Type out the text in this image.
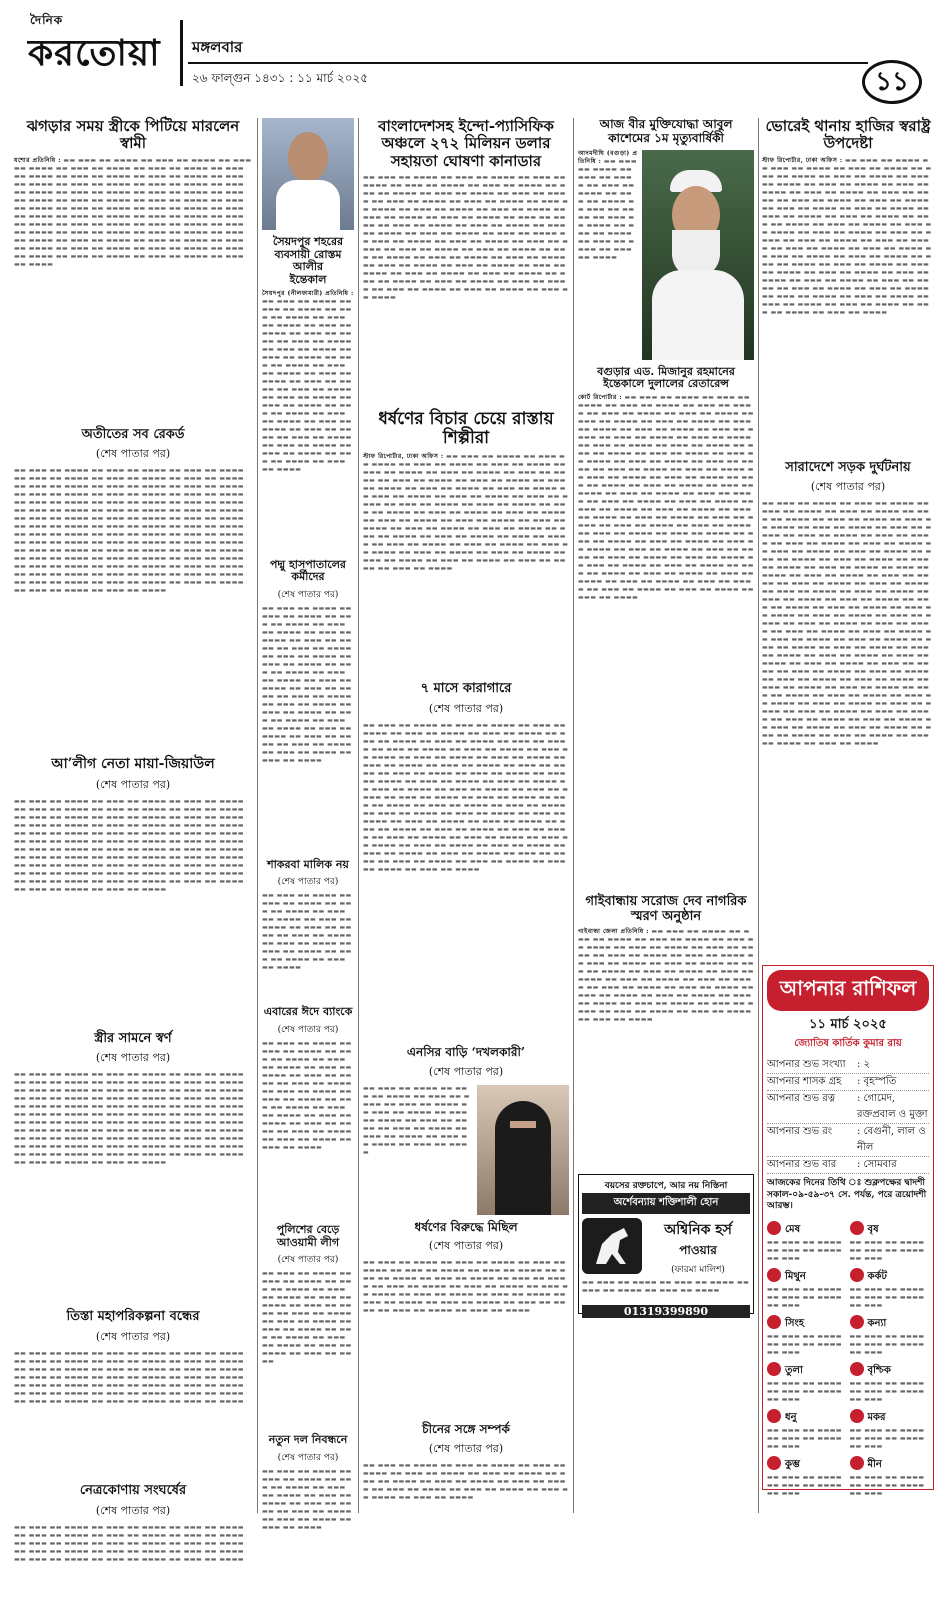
দৈনিক
করতোয়া মঙ্গলবার
২৬ ফাল্গুন ১৪৩১ : ১১ মার্চ ২০২৫	১১
ঝগড়ার সময় স্ত্রীকে পিটিয়ে মারলেন স্বামী
যশোর প্রতিনিধি : ▬▬ ▬▬▬ ▬▬ ▬▬▬▬ ▬▬ ▬▬▬ ▬▬ ▬▬▬▬ ▬▬ ▬▬▬ ▬▬ ▬▬▬▬ ▬▬ ▬▬▬ ▬▬ ▬▬▬▬ ▬▬ ▬▬▬ ▬▬ ▬▬▬▬ ▬▬ ▬▬▬ ▬▬ ▬▬▬▬ ▬▬ ▬▬▬ ▬▬ ▬▬▬▬ ▬▬ ▬▬▬ ▬▬ ▬▬▬▬ ▬▬ ▬▬▬ ▬▬ ▬▬▬▬ ▬▬ ▬▬▬ ▬▬ ▬▬▬▬ ▬▬ ▬▬▬ ▬▬ ▬▬▬▬ ▬▬ ▬▬▬ ▬▬ ▬▬▬▬ ▬▬ ▬▬▬ ▬▬ ▬▬▬▬ ▬▬ ▬▬▬ ▬▬ ▬▬▬▬ ▬▬ ▬▬▬ ▬▬ ▬▬▬▬ ▬▬ ▬▬▬ ▬▬ ▬▬▬▬ ▬▬ ▬▬▬ ▬▬ ▬▬▬▬ ▬▬ ▬▬▬ ▬▬ ▬▬▬▬ ▬▬ ▬▬▬ ▬▬ ▬▬▬▬ ▬▬ ▬▬▬ ▬▬ ▬▬▬▬ ▬▬ ▬▬▬ ▬▬ ▬▬▬▬ ▬▬ ▬▬▬ ▬▬ ▬▬▬▬ ▬▬ ▬▬▬ ▬▬ ▬▬▬▬ ▬▬ ▬▬▬ ▬▬ ▬▬▬▬ ▬▬ ▬▬▬ ▬▬ ▬▬▬▬ ▬▬ ▬▬▬ ▬▬ ▬▬▬▬ ▬▬ ▬▬▬ ▬▬ ▬▬▬▬ ▬▬ ▬▬▬ ▬▬ ▬▬▬▬ ▬▬ ▬▬▬ ▬▬ ▬▬▬▬ ▬▬ ▬▬▬ ▬▬ ▬▬▬▬ ▬▬ ▬▬▬ ▬▬ ▬▬▬▬ ▬▬ ▬▬▬ ▬▬ ▬▬▬▬ ▬▬ ▬▬▬ ▬▬ ▬▬▬▬ ▬▬ ▬▬▬ ▬▬ ▬▬▬▬ ▬▬ ▬▬▬ ▬▬ ▬▬▬▬ ▬▬ ▬▬▬ ▬▬ ▬▬▬▬ ▬▬ ▬▬▬ ▬▬ ▬▬▬▬ ▬▬ ▬▬▬ ▬▬ ▬▬▬▬ ▬▬ ▬▬▬ ▬▬ ▬▬▬▬
অতীতের সব রেকর্ড
(শেষ পাতার পর)
▬▬ ▬▬▬ ▬▬ ▬▬▬▬ ▬▬ ▬▬▬ ▬▬ ▬▬▬▬ ▬▬ ▬▬▬ ▬▬ ▬▬▬▬ ▬▬ ▬▬▬ ▬▬ ▬▬▬▬ ▬▬ ▬▬▬ ▬▬ ▬▬▬▬ ▬▬ ▬▬▬ ▬▬ ▬▬▬▬ ▬▬ ▬▬▬ ▬▬ ▬▬▬▬ ▬▬ ▬▬▬ ▬▬ ▬▬▬▬ ▬▬ ▬▬▬ ▬▬ ▬▬▬▬ ▬▬ ▬▬▬ ▬▬ ▬▬▬▬ ▬▬ ▬▬▬ ▬▬ ▬▬▬▬ ▬▬ ▬▬▬ ▬▬ ▬▬▬▬ ▬▬ ▬▬▬ ▬▬ ▬▬▬▬ ▬▬ ▬▬▬ ▬▬ ▬▬▬▬ ▬▬ ▬▬▬ ▬▬ ▬▬▬▬ ▬▬ ▬▬▬ ▬▬ ▬▬▬▬ ▬▬ ▬▬▬ ▬▬ ▬▬▬▬ ▬▬ ▬▬▬ ▬▬ ▬▬▬▬ ▬▬ ▬▬▬ ▬▬ ▬▬▬▬ ▬▬ ▬▬▬ ▬▬ ▬▬▬▬ ▬▬ ▬▬▬ ▬▬ ▬▬▬▬ ▬▬ ▬▬▬ ▬▬ ▬▬▬▬ ▬▬ ▬▬▬ ▬▬ ▬▬▬▬ ▬▬ ▬▬▬ ▬▬ ▬▬▬▬ ▬▬ ▬▬▬ ▬▬ ▬▬▬▬ ▬▬ ▬▬▬ ▬▬ ▬▬▬▬ ▬▬ ▬▬▬ ▬▬ ▬▬▬▬ ▬▬ ▬▬▬ ▬▬ ▬▬▬▬ ▬▬ ▬▬▬ ▬▬ ▬▬▬▬ ▬▬ ▬▬▬ ▬▬ ▬▬▬▬ ▬▬ ▬▬▬ ▬▬ ▬▬▬▬ ▬▬ ▬▬▬ ▬▬ ▬▬▬▬ ▬▬ ▬▬▬ ▬▬ ▬▬▬▬ ▬▬ ▬▬▬ ▬▬ ▬▬▬▬ ▬▬ ▬▬▬ ▬▬ ▬▬▬▬ ▬▬ ▬▬▬ ▬▬ ▬▬▬▬ ▬▬ ▬▬▬ ▬▬ ▬▬▬▬ ▬▬ ▬▬▬ ▬▬ ▬▬▬▬ ▬▬ ▬▬▬ ▬▬ ▬▬▬▬ ▬▬ ▬▬▬ ▬▬ ▬▬▬▬ ▬▬ ▬▬▬ ▬▬ ▬▬▬▬ ▬▬ ▬▬▬ ▬▬ ▬▬▬▬ ▬▬ ▬▬▬ ▬▬ ▬▬▬▬ ▬▬ ▬▬▬ ▬▬ ▬▬▬▬ ▬▬ ▬▬▬ ▬▬ ▬▬▬▬ ▬▬ ▬▬▬ ▬▬ ▬▬▬▬ ▬▬ ▬▬▬ ▬▬ ▬▬▬▬
আ’লীগ নেতা মায়া-জিয়াউল
(শেষ পাতার পর)
▬▬ ▬▬▬ ▬▬ ▬▬▬▬ ▬▬ ▬▬▬ ▬▬ ▬▬▬▬ ▬▬ ▬▬▬ ▬▬ ▬▬▬▬ ▬▬ ▬▬▬ ▬▬ ▬▬▬▬ ▬▬ ▬▬▬ ▬▬ ▬▬▬▬ ▬▬ ▬▬▬ ▬▬ ▬▬▬▬ ▬▬ ▬▬▬ ▬▬ ▬▬▬▬ ▬▬ ▬▬▬ ▬▬ ▬▬▬▬ ▬▬ ▬▬▬ ▬▬ ▬▬▬▬ ▬▬ ▬▬▬ ▬▬ ▬▬▬▬ ▬▬ ▬▬▬ ▬▬ ▬▬▬▬ ▬▬ ▬▬▬ ▬▬ ▬▬▬▬ ▬▬ ▬▬▬ ▬▬ ▬▬▬▬ ▬▬ ▬▬▬ ▬▬ ▬▬▬▬ ▬▬ ▬▬▬ ▬▬ ▬▬▬▬ ▬▬ ▬▬▬ ▬▬ ▬▬▬▬ ▬▬ ▬▬▬ ▬▬ ▬▬▬▬ ▬▬ ▬▬▬ ▬▬ ▬▬▬▬ ▬▬ ▬▬▬ ▬▬ ▬▬▬▬ ▬▬ ▬▬▬ ▬▬ ▬▬▬▬ ▬▬ ▬▬▬ ▬▬ ▬▬▬▬ ▬▬ ▬▬▬ ▬▬ ▬▬▬▬ ▬▬ ▬▬▬ ▬▬ ▬▬▬▬ ▬▬ ▬▬▬ ▬▬ ▬▬▬▬ ▬▬ ▬▬▬ ▬▬ ▬▬▬▬ ▬▬ ▬▬▬ ▬▬ ▬▬▬▬ ▬▬ ▬▬▬ ▬▬ ▬▬▬▬ ▬▬ ▬▬▬ ▬▬ ▬▬▬▬ ▬▬ ▬▬▬ ▬▬ ▬▬▬▬ ▬▬ ▬▬▬ ▬▬ ▬▬▬▬ ▬▬ ▬▬▬ ▬▬ ▬▬▬▬ ▬▬ ▬▬▬ ▬▬ ▬▬▬▬ ▬▬ ▬▬▬ ▬▬ ▬▬▬▬ ▬▬ ▬▬▬ ▬▬ ▬▬▬▬ ▬▬ ▬▬▬ ▬▬ ▬▬▬▬
স্ত্রীর সামনে স্বর্ণ
(শেষ পাতার পর)
▬▬ ▬▬▬ ▬▬ ▬▬▬▬ ▬▬ ▬▬▬ ▬▬ ▬▬▬▬ ▬▬ ▬▬▬ ▬▬ ▬▬▬▬ ▬▬ ▬▬▬ ▬▬ ▬▬▬▬ ▬▬ ▬▬▬ ▬▬ ▬▬▬▬ ▬▬ ▬▬▬ ▬▬ ▬▬▬▬ ▬▬ ▬▬▬ ▬▬ ▬▬▬▬ ▬▬ ▬▬▬ ▬▬ ▬▬▬▬ ▬▬ ▬▬▬ ▬▬ ▬▬▬▬ ▬▬ ▬▬▬ ▬▬ ▬▬▬▬ ▬▬ ▬▬▬ ▬▬ ▬▬▬▬ ▬▬ ▬▬▬ ▬▬ ▬▬▬▬ ▬▬ ▬▬▬ ▬▬ ▬▬▬▬ ▬▬ ▬▬▬ ▬▬ ▬▬▬▬ ▬▬ ▬▬▬ ▬▬ ▬▬▬▬ ▬▬ ▬▬▬ ▬▬ ▬▬▬▬ ▬▬ ▬▬▬ ▬▬ ▬▬▬▬ ▬▬ ▬▬▬ ▬▬ ▬▬▬▬ ▬▬ ▬▬▬ ▬▬ ▬▬▬▬ ▬▬ ▬▬▬ ▬▬ ▬▬▬▬ ▬▬ ▬▬▬ ▬▬ ▬▬▬▬ ▬▬ ▬▬▬ ▬▬ ▬▬▬▬ ▬▬ ▬▬▬ ▬▬ ▬▬▬▬ ▬▬ ▬▬▬ ▬▬ ▬▬▬▬ ▬▬ ▬▬▬ ▬▬ ▬▬▬▬ ▬▬ ▬▬▬ ▬▬ ▬▬▬▬ ▬▬ ▬▬▬ ▬▬ ▬▬▬▬ ▬▬ ▬▬▬ ▬▬ ▬▬▬▬ ▬▬ ▬▬▬ ▬▬ ▬▬▬▬ ▬▬ ▬▬▬ ▬▬ ▬▬▬▬ ▬▬ ▬▬▬ ▬▬ ▬▬▬▬ ▬▬ ▬▬▬ ▬▬ ▬▬▬▬ ▬▬ ▬▬▬ ▬▬ ▬▬▬▬ ▬▬ ▬▬▬ ▬▬ ▬▬▬▬ ▬▬ ▬▬▬ ▬▬ ▬▬▬▬
তিস্তা মহাপরিকল্পনা বন্ধের
(শেষ পাতার পর)
▬▬ ▬▬▬ ▬▬ ▬▬▬▬ ▬▬ ▬▬▬ ▬▬ ▬▬▬▬ ▬▬ ▬▬▬ ▬▬ ▬▬▬▬ ▬▬ ▬▬▬ ▬▬ ▬▬▬▬ ▬▬ ▬▬▬ ▬▬ ▬▬▬▬ ▬▬ ▬▬▬ ▬▬ ▬▬▬▬ ▬▬ ▬▬▬ ▬▬ ▬▬▬▬ ▬▬ ▬▬▬ ▬▬ ▬▬▬▬ ▬▬ ▬▬▬ ▬▬ ▬▬▬▬ ▬▬ ▬▬▬ ▬▬ ▬▬▬▬ ▬▬ ▬▬▬ ▬▬ ▬▬▬▬ ▬▬ ▬▬▬ ▬▬ ▬▬▬▬ ▬▬ ▬▬▬ ▬▬ ▬▬▬▬ ▬▬ ▬▬▬ ▬▬ ▬▬▬▬ ▬▬ ▬▬▬ ▬▬ ▬▬▬▬ ▬▬ ▬▬▬ ▬▬ ▬▬▬▬ ▬▬ ▬▬▬ ▬▬ ▬▬▬▬ ▬▬ ▬▬▬ ▬▬ ▬▬▬▬ ▬▬ ▬▬▬ ▬▬ ▬▬▬▬ ▬▬ ▬▬▬ ▬▬ ▬▬▬▬ ▬▬ ▬▬▬ ▬▬ ▬▬▬▬
নেত্রকোণায় সংঘর্ষের
(শেষ পাতার পর)
▬▬ ▬▬▬ ▬▬ ▬▬▬▬ ▬▬ ▬▬▬ ▬▬ ▬▬▬▬ ▬▬ ▬▬▬ ▬▬ ▬▬▬▬ ▬▬ ▬▬▬ ▬▬ ▬▬▬▬ ▬▬ ▬▬▬ ▬▬ ▬▬▬▬ ▬▬ ▬▬▬ ▬▬ ▬▬▬▬ ▬▬ ▬▬▬ ▬▬ ▬▬▬▬ ▬▬ ▬▬▬ ▬▬ ▬▬▬▬ ▬▬ ▬▬▬ ▬▬ ▬▬▬▬ ▬▬ ▬▬▬ ▬▬ ▬▬▬▬ ▬▬ ▬▬▬ ▬▬ ▬▬▬▬ ▬▬ ▬▬▬ ▬▬ ▬▬▬▬ ▬▬ ▬▬▬ ▬▬ ▬▬▬▬ ▬▬ ▬▬▬ ▬▬ ▬▬▬▬ ▬▬ ▬▬▬ ▬▬ ▬▬▬▬
সৈয়দপুর শহরের
ব্যবসায়ী রোস্তম আলীর
ইন্তেকাল
সৈয়দপুর (নীলফামারী) প্রতিনিধি : ▬▬ ▬▬▬ ▬▬ ▬▬▬▬ ▬▬ ▬▬▬ ▬▬ ▬▬▬▬ ▬▬ ▬▬▬ ▬▬ ▬▬▬▬ ▬▬ ▬▬▬ ▬▬ ▬▬▬▬ ▬▬ ▬▬▬ ▬▬ ▬▬▬▬ ▬▬ ▬▬▬ ▬▬ ▬▬▬▬ ▬▬ ▬▬▬ ▬▬ ▬▬▬▬ ▬▬ ▬▬▬ ▬▬ ▬▬▬▬ ▬▬ ▬▬▬ ▬▬ ▬▬▬▬ ▬▬ ▬▬▬ ▬▬ ▬▬▬▬ ▬▬ ▬▬▬ ▬▬ ▬▬▬▬ ▬▬ ▬▬▬ ▬▬ ▬▬▬▬ ▬▬ ▬▬▬ ▬▬ ▬▬▬▬ ▬▬ ▬▬▬ ▬▬ ▬▬▬▬ ▬▬ ▬▬▬ ▬▬ ▬▬▬▬ ▬▬ ▬▬▬ ▬▬ ▬▬▬▬ ▬▬ ▬▬▬ ▬▬ ▬▬▬▬ ▬▬ ▬▬▬ ▬▬ ▬▬▬▬ ▬▬ ▬▬▬ ▬▬ ▬▬▬▬ ▬▬ ▬▬▬ ▬▬ ▬▬▬▬ ▬▬ ▬▬▬ ▬▬ ▬▬▬▬ ▬▬ ▬▬▬ ▬▬ ▬▬▬▬ ▬▬ ▬▬▬ ▬▬ ▬▬▬▬ ▬▬ ▬▬▬ ▬▬ ▬▬▬▬ ▬▬ ▬▬▬ ▬▬ ▬▬▬▬
পদ্মু হাসপাতালের কর্মীদের
(শেষ পাতার পর)
▬▬ ▬▬▬ ▬▬ ▬▬▬▬ ▬▬ ▬▬▬ ▬▬ ▬▬▬▬ ▬▬ ▬▬▬ ▬▬ ▬▬▬▬ ▬▬ ▬▬▬ ▬▬ ▬▬▬▬ ▬▬ ▬▬▬ ▬▬ ▬▬▬▬ ▬▬ ▬▬▬ ▬▬ ▬▬▬▬ ▬▬ ▬▬▬ ▬▬ ▬▬▬▬ ▬▬ ▬▬▬ ▬▬ ▬▬▬▬ ▬▬ ▬▬▬ ▬▬ ▬▬▬▬ ▬▬ ▬▬▬ ▬▬ ▬▬▬▬ ▬▬ ▬▬▬ ▬▬ ▬▬▬▬ ▬▬ ▬▬▬ ▬▬ ▬▬▬▬ ▬▬ ▬▬▬ ▬▬ ▬▬▬▬ ▬▬ ▬▬▬ ▬▬ ▬▬▬▬ ▬▬ ▬▬▬ ▬▬ ▬▬▬▬ ▬▬ ▬▬▬ ▬▬ ▬▬▬▬ ▬▬ ▬▬▬ ▬▬ ▬▬▬▬ ▬▬ ▬▬▬ ▬▬ ▬▬▬▬ ▬▬ ▬▬▬ ▬▬ ▬▬▬▬ ▬▬ ▬▬▬ ▬▬ ▬▬▬▬ ▬▬ ▬▬▬ ▬▬ ▬▬▬▬ ▬▬ ▬▬▬ ▬▬ ▬▬▬▬ ▬▬ ▬▬▬ ▬▬ ▬▬▬▬
শাকরবা মালিক নয়
(শেষ পাতার পর)
▬▬ ▬▬▬ ▬▬ ▬▬▬▬ ▬▬ ▬▬▬ ▬▬ ▬▬▬▬ ▬▬ ▬▬▬ ▬▬ ▬▬▬▬ ▬▬ ▬▬▬ ▬▬ ▬▬▬▬ ▬▬ ▬▬▬ ▬▬ ▬▬▬▬ ▬▬ ▬▬▬ ▬▬ ▬▬▬▬ ▬▬ ▬▬▬ ▬▬ ▬▬▬▬ ▬▬ ▬▬▬ ▬▬ ▬▬▬▬ ▬▬ ▬▬▬ ▬▬ ▬▬▬▬ ▬▬ ▬▬▬ ▬▬ ▬▬▬▬ ▬▬ ▬▬▬ ▬▬ ▬▬▬▬
এবারের ঈদে ব্যাংকে
(শেষ পাতার পর)
▬▬ ▬▬▬ ▬▬ ▬▬▬▬ ▬▬ ▬▬▬ ▬▬ ▬▬▬▬ ▬▬ ▬▬▬ ▬▬ ▬▬▬▬ ▬▬ ▬▬▬ ▬▬ ▬▬▬▬ ▬▬ ▬▬▬ ▬▬ ▬▬▬▬ ▬▬ ▬▬▬ ▬▬ ▬▬▬▬ ▬▬ ▬▬▬ ▬▬ ▬▬▬▬ ▬▬ ▬▬▬ ▬▬ ▬▬▬▬ ▬▬ ▬▬▬ ▬▬ ▬▬▬▬ ▬▬ ▬▬▬ ▬▬ ▬▬▬▬ ▬▬ ▬▬▬ ▬▬ ▬▬▬▬ ▬▬ ▬▬▬ ▬▬ ▬▬▬▬ ▬▬ ▬▬▬ ▬▬ ▬▬▬▬ ▬▬ ▬▬▬ ▬▬ ▬▬▬▬ ▬▬ ▬▬▬ ▬▬ ▬▬▬▬ ▬▬ ▬▬▬ ▬▬ ▬▬▬▬
পুলিশের বেড়ে আওয়ামী লীগ
(শেষ পাতার পর)
▬▬ ▬▬▬ ▬▬ ▬▬▬▬ ▬▬ ▬▬▬ ▬▬ ▬▬▬▬ ▬▬ ▬▬▬ ▬▬ ▬▬▬▬ ▬▬ ▬▬▬ ▬▬ ▬▬▬▬ ▬▬ ▬▬▬ ▬▬ ▬▬▬▬ ▬▬ ▬▬▬ ▬▬ ▬▬▬▬ ▬▬ ▬▬▬ ▬▬ ▬▬▬▬ ▬▬ ▬▬▬ ▬▬ ▬▬▬▬ ▬▬ ▬▬▬ ▬▬ ▬▬▬▬ ▬▬ ▬▬▬ ▬▬ ▬▬▬▬ ▬▬ ▬▬▬ ▬▬ ▬▬▬▬ ▬▬ ▬▬▬ ▬▬ ▬▬▬▬ ▬▬ ▬▬▬ ▬▬ ▬▬▬▬
নতুন দল নিবন্ধনে
(শেষ পাতার পর)
▬▬ ▬▬▬ ▬▬ ▬▬▬▬ ▬▬ ▬▬▬ ▬▬ ▬▬▬▬ ▬▬ ▬▬▬ ▬▬ ▬▬▬▬ ▬▬ ▬▬▬ ▬▬ ▬▬▬▬ ▬▬ ▬▬▬ ▬▬ ▬▬▬▬ ▬▬ ▬▬▬ ▬▬ ▬▬▬▬ ▬▬ ▬▬▬ ▬▬ ▬▬▬▬ ▬▬ ▬▬▬ ▬▬ ▬▬▬▬ ▬▬ ▬▬▬ ▬▬ ▬▬▬▬
বাংলাদেশসহ ইন্দো-প্যাসিফিক অঞ্চলে ২৭২ মিলিয়ন ডলার সহায়তা ঘোষণা কানাডার
▬▬ ▬▬▬ ▬▬ ▬▬▬▬ ▬▬ ▬▬▬ ▬▬ ▬▬▬▬ ▬▬ ▬▬▬ ▬▬ ▬▬▬▬ ▬▬ ▬▬▬ ▬▬ ▬▬▬▬ ▬▬ ▬▬▬ ▬▬ ▬▬▬▬ ▬▬ ▬▬▬ ▬▬ ▬▬▬▬ ▬▬ ▬▬▬ ▬▬ ▬▬▬▬ ▬▬ ▬▬▬ ▬▬ ▬▬▬▬ ▬▬ ▬▬▬ ▬▬ ▬▬▬▬ ▬▬ ▬▬▬ ▬▬ ▬▬▬▬ ▬▬ ▬▬▬ ▬▬ ▬▬▬▬ ▬▬ ▬▬▬ ▬▬ ▬▬▬▬ ▬▬ ▬▬▬ ▬▬ ▬▬▬▬ ▬▬ ▬▬▬ ▬▬ ▬▬▬▬ ▬▬ ▬▬▬ ▬▬ ▬▬▬▬ ▬▬ ▬▬▬ ▬▬ ▬▬▬▬ ▬▬ ▬▬▬ ▬▬ ▬▬▬▬ ▬▬ ▬▬▬ ▬▬ ▬▬▬▬ ▬▬ ▬▬▬ ▬▬ ▬▬▬▬ ▬▬ ▬▬▬ ▬▬ ▬▬▬▬ ▬▬ ▬▬▬ ▬▬ ▬▬▬▬ ▬▬ ▬▬▬ ▬▬ ▬▬▬▬ ▬▬ ▬▬▬ ▬▬ ▬▬▬▬ ▬▬ ▬▬▬ ▬▬ ▬▬▬▬ ▬▬ ▬▬▬ ▬▬ ▬▬▬▬ ▬▬ ▬▬▬ ▬▬ ▬▬▬▬ ▬▬ ▬▬▬ ▬▬ ▬▬▬▬ ▬▬ ▬▬▬ ▬▬ ▬▬▬▬ ▬▬ ▬▬▬ ▬▬ ▬▬▬▬ ▬▬ ▬▬▬ ▬▬ ▬▬▬▬ ▬▬ ▬▬▬ ▬▬ ▬▬▬▬ ▬▬ ▬▬▬ ▬▬ ▬▬▬▬ ▬▬ ▬▬▬ ▬▬ ▬▬▬▬ ▬▬ ▬▬▬ ▬▬ ▬▬▬▬ ▬▬ ▬▬▬ ▬▬ ▬▬▬▬ ▬▬ ▬▬▬ ▬▬ ▬▬▬▬ ▬▬ ▬▬▬ ▬▬ ▬▬▬▬ ▬▬ ▬▬▬ ▬▬ ▬▬▬▬ ▬▬ ▬▬▬ ▬▬ ▬▬▬▬ ▬▬ ▬▬▬ ▬▬ ▬▬▬▬
ধর্ষণের বিচার চেয়ে রাস্তায় শিল্পীরা
স্টাফ রিপোর্টার, ঢাকা অফিস : ▬▬ ▬▬▬ ▬▬ ▬▬▬▬ ▬▬ ▬▬▬ ▬▬ ▬▬▬▬ ▬▬ ▬▬▬ ▬▬ ▬▬▬▬ ▬▬ ▬▬▬ ▬▬ ▬▬▬▬ ▬▬ ▬▬▬ ▬▬ ▬▬▬▬ ▬▬ ▬▬▬ ▬▬ ▬▬▬▬ ▬▬ ▬▬▬ ▬▬ ▬▬▬▬ ▬▬ ▬▬▬ ▬▬ ▬▬▬▬ ▬▬ ▬▬▬ ▬▬ ▬▬▬▬ ▬▬ ▬▬▬ ▬▬ ▬▬▬▬ ▬▬ ▬▬▬ ▬▬ ▬▬▬▬ ▬▬ ▬▬▬ ▬▬ ▬▬▬▬ ▬▬ ▬▬▬ ▬▬ ▬▬▬▬ ▬▬ ▬▬▬ ▬▬ ▬▬▬▬ ▬▬ ▬▬▬ ▬▬ ▬▬▬▬ ▬▬ ▬▬▬ ▬▬ ▬▬▬▬ ▬▬ ▬▬▬ ▬▬ ▬▬▬▬ ▬▬ ▬▬▬ ▬▬ ▬▬▬▬ ▬▬ ▬▬▬ ▬▬ ▬▬▬▬ ▬▬ ▬▬▬ ▬▬ ▬▬▬▬ ▬▬ ▬▬▬ ▬▬ ▬▬▬▬ ▬▬ ▬▬▬ ▬▬ ▬▬▬▬ ▬▬ ▬▬▬ ▬▬ ▬▬▬▬ ▬▬ ▬▬▬ ▬▬ ▬▬▬▬ ▬▬ ▬▬▬ ▬▬ ▬▬▬▬ ▬▬ ▬▬▬ ▬▬ ▬▬▬▬ ▬▬ ▬▬▬ ▬▬ ▬▬▬▬ ▬▬ ▬▬▬ ▬▬ ▬▬▬▬ ▬▬ ▬▬▬ ▬▬ ▬▬▬▬ ▬▬ ▬▬▬ ▬▬ ▬▬▬▬ ▬▬ ▬▬▬ ▬▬ ▬▬▬▬ ▬▬ ▬▬▬ ▬▬ ▬▬▬▬ ▬▬ ▬▬▬ ▬▬ ▬▬▬▬ ▬▬ ▬▬▬ ▬▬ ▬▬▬▬ ▬▬ ▬▬▬ ▬▬ ▬▬▬▬ ▬▬ ▬▬▬ ▬▬ ▬▬▬▬ ▬▬ ▬▬▬ ▬▬ ▬▬▬▬
৭ মাসে কারাগারে
(শেষ পাতার পর)
▬▬ ▬▬▬ ▬▬ ▬▬▬▬ ▬▬ ▬▬▬ ▬▬ ▬▬▬▬ ▬▬ ▬▬▬ ▬▬ ▬▬▬▬ ▬▬ ▬▬▬ ▬▬ ▬▬▬▬ ▬▬ ▬▬▬ ▬▬ ▬▬▬▬ ▬▬ ▬▬▬ ▬▬ ▬▬▬▬ ▬▬ ▬▬▬ ▬▬ ▬▬▬▬ ▬▬ ▬▬▬ ▬▬ ▬▬▬▬ ▬▬ ▬▬▬ ▬▬ ▬▬▬▬ ▬▬ ▬▬▬ ▬▬ ▬▬▬▬ ▬▬ ▬▬▬ ▬▬ ▬▬▬▬ ▬▬ ▬▬▬ ▬▬ ▬▬▬▬ ▬▬ ▬▬▬ ▬▬ ▬▬▬▬ ▬▬ ▬▬▬ ▬▬ ▬▬▬▬ ▬▬ ▬▬▬ ▬▬ ▬▬▬▬ ▬▬ ▬▬▬ ▬▬ ▬▬▬▬ ▬▬ ▬▬▬ ▬▬ ▬▬▬▬ ▬▬ ▬▬▬ ▬▬ ▬▬▬▬ ▬▬ ▬▬▬ ▬▬ ▬▬▬▬ ▬▬ ▬▬▬ ▬▬ ▬▬▬▬ ▬▬ ▬▬▬ ▬▬ ▬▬▬▬ ▬▬ ▬▬▬ ▬▬ ▬▬▬▬ ▬▬ ▬▬▬ ▬▬ ▬▬▬▬ ▬▬ ▬▬▬ ▬▬ ▬▬▬▬ ▬▬ ▬▬▬ ▬▬ ▬▬▬▬ ▬▬ ▬▬▬ ▬▬ ▬▬▬▬ ▬▬ ▬▬▬ ▬▬ ▬▬▬▬ ▬▬ ▬▬▬ ▬▬ ▬▬▬▬ ▬▬ ▬▬▬ ▬▬ ▬▬▬▬ ▬▬ ▬▬▬ ▬▬ ▬▬▬▬ ▬▬ ▬▬▬ ▬▬ ▬▬▬▬ ▬▬ ▬▬▬ ▬▬ ▬▬▬▬ ▬▬ ▬▬▬ ▬▬ ▬▬▬▬ ▬▬ ▬▬▬ ▬▬ ▬▬▬▬ ▬▬ ▬▬▬ ▬▬ ▬▬▬▬ ▬▬ ▬▬▬ ▬▬ ▬▬▬▬ ▬▬ ▬▬▬ ▬▬ ▬▬▬▬ ▬▬ ▬▬▬ ▬▬ ▬▬▬▬ ▬▬ ▬▬▬ ▬▬ ▬▬▬▬ ▬▬ ▬▬▬ ▬▬ ▬▬▬▬ ▬▬ ▬▬▬ ▬▬ ▬▬▬▬ ▬▬ ▬▬▬ ▬▬ ▬▬▬▬ ▬▬ ▬▬▬ ▬▬ ▬▬▬▬ ▬▬ ▬▬▬ ▬▬ ▬▬▬▬ ▬▬ ▬▬▬ ▬▬ ▬▬▬▬ ▬▬ ▬▬▬ ▬▬ ▬▬▬▬ ▬▬ ▬▬▬ ▬▬ ▬▬▬▬ ▬▬ ▬▬▬ ▬▬ ▬▬▬▬ ▬▬ ▬▬▬ ▬▬ ▬▬▬▬
এনসির বাড়ি ‘দখলকারী’
(শেষ পাতার পর)
▬▬ ▬▬▬ ▬▬ ▬▬▬▬ ▬▬ ▬▬▬ ▬▬ ▬▬▬▬ ▬▬ ▬▬▬ ▬▬ ▬▬▬▬ ▬▬ ▬▬▬ ▬▬ ▬▬▬▬ ▬▬ ▬▬▬ ▬▬ ▬▬▬▬ ▬▬ ▬▬▬ ▬▬ ▬▬▬▬ ▬▬ ▬▬▬ ▬▬ ▬▬▬▬ ▬▬ ▬▬▬ ▬▬ ▬▬▬▬ ▬▬ ▬▬▬ ▬▬ ▬▬▬▬ ▬▬ ▬▬▬ ▬▬ ▬▬▬▬ ▬▬ ▬▬▬ ▬▬ ▬▬▬▬
ধর্ষণের বিরুদ্ধে মিছিল
(শেষ পাতার পর)
▬▬ ▬▬▬ ▬▬ ▬▬▬▬ ▬▬ ▬▬▬ ▬▬ ▬▬▬▬ ▬▬ ▬▬▬ ▬▬ ▬▬▬▬ ▬▬ ▬▬▬ ▬▬ ▬▬▬▬ ▬▬ ▬▬▬ ▬▬ ▬▬▬▬ ▬▬ ▬▬▬ ▬▬ ▬▬▬▬ ▬▬ ▬▬▬ ▬▬ ▬▬▬▬ ▬▬ ▬▬▬ ▬▬ ▬▬▬▬ ▬▬ ▬▬▬ ▬▬ ▬▬▬▬ ▬▬ ▬▬▬ ▬▬ ▬▬▬▬ ▬▬ ▬▬▬ ▬▬ ▬▬▬▬ ▬▬ ▬▬▬ ▬▬ ▬▬▬▬ ▬▬ ▬▬▬ ▬▬ ▬▬▬▬ ▬▬ ▬▬▬ ▬▬ ▬▬▬▬ ▬▬ ▬▬▬ ▬▬ ▬▬▬▬ ▬▬ ▬▬▬ ▬▬ ▬▬▬▬ ▬▬ ▬▬▬ ▬▬ ▬▬▬▬ ▬▬ ▬▬▬ ▬▬ ▬▬▬▬
চীনের সঙ্গে সম্পর্ক
(শেষ পাতার পর)
▬▬ ▬▬▬ ▬▬ ▬▬▬▬ ▬▬ ▬▬▬ ▬▬ ▬▬▬▬ ▬▬ ▬▬▬ ▬▬ ▬▬▬▬ ▬▬ ▬▬▬ ▬▬ ▬▬▬▬ ▬▬ ▬▬▬ ▬▬ ▬▬▬▬ ▬▬ ▬▬▬ ▬▬ ▬▬▬▬ ▬▬ ▬▬▬ ▬▬ ▬▬▬▬ ▬▬ ▬▬▬ ▬▬ ▬▬▬▬ ▬▬ ▬▬▬ ▬▬ ▬▬▬▬ ▬▬ ▬▬▬ ▬▬ ▬▬▬▬ ▬▬ ▬▬▬ ▬▬ ▬▬▬▬ ▬▬ ▬▬▬ ▬▬ ▬▬▬▬
আজ বীর মুক্তিযোদ্ধা আবুল কাশেমের ১ম মৃত্যুবার্ষিকী
আদমদীঘি (বগুড়া) প্রতিনিধি : ▬▬ ▬▬▬ ▬▬ ▬▬▬▬ ▬▬ ▬▬▬ ▬▬ ▬▬▬▬ ▬▬ ▬▬▬ ▬▬ ▬▬▬▬ ▬▬ ▬▬▬ ▬▬ ▬▬▬▬ ▬▬ ▬▬▬ ▬▬ ▬▬▬▬ ▬▬ ▬▬▬ ▬▬ ▬▬▬▬ ▬▬ ▬▬▬ ▬▬ ▬▬▬▬ ▬▬ ▬▬▬ ▬▬ ▬▬▬▬ ▬▬ ▬▬▬ ▬▬ ▬▬▬▬
বগুড়ার এড. মিজানুর রহমানের ইন্তেকালে দুলালের রেতারেন্স
কোর্ট রিপোর্টার : ▬▬ ▬▬▬ ▬▬ ▬▬▬▬ ▬▬ ▬▬▬ ▬▬ ▬▬▬▬ ▬▬ ▬▬▬ ▬▬ ▬▬▬▬ ▬▬ ▬▬▬ ▬▬ ▬▬▬▬ ▬▬ ▬▬▬ ▬▬ ▬▬▬▬ ▬▬ ▬▬▬ ▬▬ ▬▬▬▬ ▬▬ ▬▬▬ ▬▬ ▬▬▬▬ ▬▬ ▬▬▬ ▬▬ ▬▬▬▬ ▬▬ ▬▬▬ ▬▬ ▬▬▬▬ ▬▬ ▬▬▬ ▬▬ ▬▬▬▬ ▬▬ ▬▬▬ ▬▬ ▬▬▬▬ ▬▬ ▬▬▬ ▬▬ ▬▬▬▬ ▬▬ ▬▬▬ ▬▬ ▬▬▬▬ ▬▬ ▬▬▬ ▬▬ ▬▬▬▬ ▬▬ ▬▬▬ ▬▬ ▬▬▬▬ ▬▬ ▬▬▬ ▬▬ ▬▬▬▬ ▬▬ ▬▬▬ ▬▬ ▬▬▬▬ ▬▬ ▬▬▬ ▬▬ ▬▬▬▬ ▬▬ ▬▬▬ ▬▬ ▬▬▬▬ ▬▬ ▬▬▬ ▬▬ ▬▬▬▬ ▬▬ ▬▬▬ ▬▬ ▬▬▬▬ ▬▬ ▬▬▬ ▬▬ ▬▬▬▬ ▬▬ ▬▬▬ ▬▬ ▬▬▬▬ ▬▬ ▬▬▬ ▬▬ ▬▬▬▬ ▬▬ ▬▬▬ ▬▬ ▬▬▬▬ ▬▬ ▬▬▬ ▬▬ ▬▬▬▬ ▬▬ ▬▬▬ ▬▬ ▬▬▬▬ ▬▬ ▬▬▬ ▬▬ ▬▬▬▬ ▬▬ ▬▬▬ ▬▬ ▬▬▬▬ ▬▬ ▬▬▬ ▬▬ ▬▬▬▬ ▬▬ ▬▬▬ ▬▬ ▬▬▬▬ ▬▬ ▬▬▬ ▬▬ ▬▬▬▬ ▬▬ ▬▬▬ ▬▬ ▬▬▬▬ ▬▬ ▬▬▬ ▬▬ ▬▬▬▬ ▬▬ ▬▬▬ ▬▬ ▬▬▬▬ ▬▬ ▬▬▬ ▬▬ ▬▬▬▬ ▬▬ ▬▬▬ ▬▬ ▬▬▬▬ ▬▬ ▬▬▬ ▬▬ ▬▬▬▬ ▬▬ ▬▬▬ ▬▬ ▬▬▬▬ ▬▬ ▬▬▬ ▬▬ ▬▬▬▬ ▬▬ ▬▬▬ ▬▬ ▬▬▬▬ ▬▬ ▬▬▬ ▬▬ ▬▬▬▬ ▬▬ ▬▬▬ ▬▬ ▬▬▬▬ ▬▬ ▬▬▬ ▬▬ ▬▬▬▬ ▬▬ ▬▬▬ ▬▬ ▬▬▬▬ ▬▬ ▬▬▬ ▬▬ ▬▬▬▬ ▬▬ ▬▬▬ ▬▬ ▬▬▬▬ ▬▬ ▬▬▬ ▬▬ ▬▬▬▬ ▬▬ ▬▬▬ ▬▬ ▬▬▬▬ ▬▬ ▬▬▬ ▬▬ ▬▬▬▬ ▬▬ ▬▬▬ ▬▬ ▬▬▬▬ ▬▬ ▬▬▬ ▬▬ ▬▬▬▬ ▬▬ ▬▬▬ ▬▬ ▬▬▬▬ ▬▬ ▬▬▬ ▬▬ ▬▬▬▬ ▬▬ ▬▬▬ ▬▬ ▬▬▬▬ ▬▬ ▬▬▬ ▬▬ ▬▬▬▬ ▬▬ ▬▬▬ ▬▬ ▬▬▬▬
গাইবান্ধায় সরোজ দেব নাগরিক স্মরণ অনুষ্ঠান
গাইবান্ধা জেলা প্রতিনিধি : ▬▬ ▬▬▬ ▬▬ ▬▬▬▬ ▬▬ ▬▬▬ ▬▬ ▬▬▬▬ ▬▬ ▬▬▬ ▬▬ ▬▬▬▬ ▬▬ ▬▬▬ ▬▬ ▬▬▬▬ ▬▬ ▬▬▬ ▬▬ ▬▬▬▬ ▬▬ ▬▬▬ ▬▬ ▬▬▬▬ ▬▬ ▬▬▬ ▬▬ ▬▬▬▬ ▬▬ ▬▬▬ ▬▬ ▬▬▬▬ ▬▬ ▬▬▬ ▬▬ ▬▬▬▬ ▬▬ ▬▬▬ ▬▬ ▬▬▬▬ ▬▬ ▬▬▬ ▬▬ ▬▬▬▬ ▬▬ ▬▬▬ ▬▬ ▬▬▬▬ ▬▬ ▬▬▬ ▬▬ ▬▬▬▬ ▬▬ ▬▬▬ ▬▬ ▬▬▬▬ ▬▬ ▬▬▬ ▬▬ ▬▬▬▬ ▬▬ ▬▬▬ ▬▬ ▬▬▬▬ ▬▬ ▬▬▬ ▬▬ ▬▬▬▬ ▬▬ ▬▬▬ ▬▬ ▬▬▬▬ ▬▬ ▬▬▬ ▬▬ ▬▬▬▬ ▬▬ ▬▬▬ ▬▬ ▬▬▬▬ ▬▬ ▬▬▬ ▬▬ ▬▬▬▬ ▬▬ ▬▬▬ ▬▬ ▬▬▬▬ ▬▬ ▬▬▬ ▬▬ ▬▬▬▬ ▬▬ ▬▬▬ ▬▬ ▬▬▬▬ ▬▬ ▬▬▬ ▬▬ ▬▬▬▬
বয়সের রক্তচাপে, আর নয় নিস্তিনা
অর্শেবন্যায় শক্তিশালী হোন
অশ্বিনিক হর্স
পাওয়ার
(ফারমা মালিশ)
▬▬ ▬▬▬ ▬▬ ▬▬▬▬ ▬▬ ▬▬▬ ▬▬ ▬▬▬▬ ▬▬ ▬▬▬ ▬▬ ▬▬▬▬ ▬▬ ▬▬▬ ▬▬ ▬▬▬▬
01319399890
ভোরেই থানায় হাজির স্বরাষ্ট্র উপদেষ্টা
স্টাফ রিপোর্টার, ঢাকা অফিস : ▬▬ ▬▬▬ ▬▬ ▬▬▬▬ ▬▬ ▬▬▬ ▬▬ ▬▬▬▬ ▬▬ ▬▬▬ ▬▬ ▬▬▬▬ ▬▬ ▬▬▬ ▬▬ ▬▬▬▬ ▬▬ ▬▬▬ ▬▬ ▬▬▬▬ ▬▬ ▬▬▬ ▬▬ ▬▬▬▬ ▬▬ ▬▬▬ ▬▬ ▬▬▬▬ ▬▬ ▬▬▬ ▬▬ ▬▬▬▬ ▬▬ ▬▬▬ ▬▬ ▬▬▬▬ ▬▬ ▬▬▬ ▬▬ ▬▬▬▬ ▬▬ ▬▬▬ ▬▬ ▬▬▬▬ ▬▬ ▬▬▬ ▬▬ ▬▬▬▬ ▬▬ ▬▬▬ ▬▬ ▬▬▬▬ ▬▬ ▬▬▬ ▬▬ ▬▬▬▬ ▬▬ ▬▬▬ ▬▬ ▬▬▬▬ ▬▬ ▬▬▬ ▬▬ ▬▬▬▬ ▬▬ ▬▬▬ ▬▬ ▬▬▬▬ ▬▬ ▬▬▬ ▬▬ ▬▬▬▬ ▬▬ ▬▬▬ ▬▬ ▬▬▬▬ ▬▬ ▬▬▬ ▬▬ ▬▬▬▬ ▬▬ ▬▬▬ ▬▬ ▬▬▬▬ ▬▬ ▬▬▬ ▬▬ ▬▬▬▬ ▬▬ ▬▬▬ ▬▬ ▬▬▬▬ ▬▬ ▬▬▬ ▬▬ ▬▬▬▬ ▬▬ ▬▬▬ ▬▬ ▬▬▬▬ ▬▬ ▬▬▬ ▬▬ ▬▬▬▬ ▬▬ ▬▬▬ ▬▬ ▬▬▬▬ ▬▬ ▬▬▬ ▬▬ ▬▬▬▬ ▬▬ ▬▬▬ ▬▬ ▬▬▬▬ ▬▬ ▬▬▬ ▬▬ ▬▬▬▬ ▬▬ ▬▬▬ ▬▬ ▬▬▬▬ ▬▬ ▬▬▬ ▬▬ ▬▬▬▬ ▬▬ ▬▬▬ ▬▬ ▬▬▬▬ ▬▬ ▬▬▬ ▬▬ ▬▬▬▬ ▬▬ ▬▬▬ ▬▬ ▬▬▬▬ ▬▬ ▬▬▬ ▬▬ ▬▬▬▬ ▬▬ ▬▬▬ ▬▬ ▬▬▬▬ ▬▬ ▬▬▬ ▬▬ ▬▬▬▬ ▬▬ ▬▬▬ ▬▬ ▬▬▬▬ ▬▬ ▬▬▬ ▬▬ ▬▬▬▬ ▬▬ ▬▬▬ ▬▬ ▬▬▬▬ ▬▬ ▬▬▬ ▬▬ ▬▬▬▬
সারাদেশে সড়ক দুর্ঘটনায়
(শেষ পাতার পর)
▬▬ ▬▬▬ ▬▬ ▬▬▬▬ ▬▬ ▬▬▬ ▬▬ ▬▬▬▬ ▬▬ ▬▬▬ ▬▬ ▬▬▬▬ ▬▬ ▬▬▬ ▬▬ ▬▬▬▬ ▬▬ ▬▬▬ ▬▬ ▬▬▬▬ ▬▬ ▬▬▬ ▬▬ ▬▬▬▬ ▬▬ ▬▬▬ ▬▬ ▬▬▬▬ ▬▬ ▬▬▬ ▬▬ ▬▬▬▬ ▬▬ ▬▬▬ ▬▬ ▬▬▬▬ ▬▬ ▬▬▬ ▬▬ ▬▬▬▬ ▬▬ ▬▬▬ ▬▬ ▬▬▬▬ ▬▬ ▬▬▬ ▬▬ ▬▬▬▬ ▬▬ ▬▬▬ ▬▬ ▬▬▬▬ ▬▬ ▬▬▬ ▬▬ ▬▬▬▬ ▬▬ ▬▬▬ ▬▬ ▬▬▬▬ ▬▬ ▬▬▬ ▬▬ ▬▬▬▬ ▬▬ ▬▬▬ ▬▬ ▬▬▬▬ ▬▬ ▬▬▬ ▬▬ ▬▬▬▬ ▬▬ ▬▬▬ ▬▬ ▬▬▬▬ ▬▬ ▬▬▬ ▬▬ ▬▬▬▬ ▬▬ ▬▬▬ ▬▬ ▬▬▬▬ ▬▬ ▬▬▬ ▬▬ ▬▬▬▬ ▬▬ ▬▬▬ ▬▬ ▬▬▬▬ ▬▬ ▬▬▬ ▬▬ ▬▬▬▬ ▬▬ ▬▬▬ ▬▬ ▬▬▬▬ ▬▬ ▬▬▬ ▬▬ ▬▬▬▬ ▬▬ ▬▬▬ ▬▬ ▬▬▬▬ ▬▬ ▬▬▬ ▬▬ ▬▬▬▬ ▬▬ ▬▬▬ ▬▬ ▬▬▬▬ ▬▬ ▬▬▬ ▬▬ ▬▬▬▬ ▬▬ ▬▬▬ ▬▬ ▬▬▬▬ ▬▬ ▬▬▬ ▬▬ ▬▬▬▬ ▬▬ ▬▬▬ ▬▬ ▬▬▬▬ ▬▬ ▬▬▬ ▬▬ ▬▬▬▬ ▬▬ ▬▬▬ ▬▬ ▬▬▬▬ ▬▬ ▬▬▬ ▬▬ ▬▬▬▬ ▬▬ ▬▬▬ ▬▬ ▬▬▬▬ ▬▬ ▬▬▬ ▬▬ ▬▬▬▬ ▬▬ ▬▬▬ ▬▬ ▬▬▬▬ ▬▬ ▬▬▬ ▬▬ ▬▬▬▬ ▬▬ ▬▬▬ ▬▬ ▬▬▬▬ ▬▬ ▬▬▬ ▬▬ ▬▬▬▬ ▬▬ ▬▬▬ ▬▬ ▬▬▬▬ ▬▬ ▬▬▬ ▬▬ ▬▬▬▬ ▬▬ ▬▬▬ ▬▬ ▬▬▬▬ ▬▬ ▬▬▬ ▬▬ ▬▬▬▬ ▬▬ ▬▬▬ ▬▬ ▬▬▬▬ ▬▬ ▬▬▬ ▬▬ ▬▬▬▬ ▬▬ ▬▬▬ ▬▬ ▬▬▬▬ ▬▬ ▬▬▬ ▬▬ ▬▬▬▬ ▬▬ ▬▬▬ ▬▬ ▬▬▬▬ ▬▬ ▬▬▬ ▬▬ ▬▬▬▬ ▬▬ ▬▬▬ ▬▬ ▬▬▬▬ ▬▬ ▬▬▬ ▬▬ ▬▬▬▬ ▬▬ ▬▬▬ ▬▬ ▬▬▬▬ ▬▬ ▬▬▬ ▬▬ ▬▬▬▬ ▬▬ ▬▬▬ ▬▬ ▬▬▬▬ ▬▬ ▬▬▬ ▬▬ ▬▬▬▬ ▬▬ ▬▬▬ ▬▬ ▬▬▬▬ ▬▬ ▬▬▬ ▬▬ ▬▬▬▬ ▬▬ ▬▬▬ ▬▬ ▬▬▬▬ ▬▬ ▬▬▬ ▬▬ ▬▬▬▬ ▬▬ ▬▬▬ ▬▬ ▬▬▬▬ ▬▬ ▬▬▬ ▬▬ ▬▬▬▬ ▬▬ ▬▬▬ ▬▬ ▬▬▬▬ ▬▬ ▬▬▬ ▬▬ ▬▬▬▬ ▬▬ ▬▬▬ ▬▬ ▬▬▬▬
আপনার রাশিফল
১১ মার্চ ২০২৫
জ্যোতিষ কার্তিক কুমার রায়
আপনার শুভ সংখ্যা	: ২
আপনার শাসক গ্রহ	: বৃহস্পতি
আপনার শুভ রত্ন	: গোমেদ, রক্তপ্রবাল ও মুক্তা
আপনার শুভ রং	: বেগুনী, লাল ও নীল
আপনার শুভ বার	: সোমবার
আজকের দিনের তিথি ঃ শুক্লপক্ষের দ্বাদশী সকাল-০৯-৫৯-৩৭ সে. পর্যন্ত, পরে ত্রয়োদশী আরম্ভ।
মেষ
▬▬ ▬▬▬ ▬▬ ▬▬▬▬ ▬▬ ▬▬▬ ▬▬ ▬▬▬▬ ▬▬ ▬▬▬
বৃষ
▬▬ ▬▬▬ ▬▬ ▬▬▬▬ ▬▬ ▬▬▬ ▬▬ ▬▬▬▬ ▬▬ ▬▬▬
মিথুন
▬▬ ▬▬▬ ▬▬ ▬▬▬▬ ▬▬ ▬▬▬ ▬▬ ▬▬▬▬ ▬▬ ▬▬▬
কর্কট
▬▬ ▬▬▬ ▬▬ ▬▬▬▬ ▬▬ ▬▬▬ ▬▬ ▬▬▬▬ ▬▬ ▬▬▬
সিংহ
▬▬ ▬▬▬ ▬▬ ▬▬▬▬ ▬▬ ▬▬▬ ▬▬ ▬▬▬▬ ▬▬ ▬▬▬
কন্যা
▬▬ ▬▬▬ ▬▬ ▬▬▬▬ ▬▬ ▬▬▬ ▬▬ ▬▬▬▬ ▬▬ ▬▬▬
তুলা
▬▬ ▬▬▬ ▬▬ ▬▬▬▬ ▬▬ ▬▬▬ ▬▬ ▬▬▬▬ ▬▬ ▬▬▬
বৃশ্চিক
▬▬ ▬▬▬ ▬▬ ▬▬▬▬ ▬▬ ▬▬▬ ▬▬ ▬▬▬▬ ▬▬ ▬▬▬
ধনু
▬▬ ▬▬▬ ▬▬ ▬▬▬▬ ▬▬ ▬▬▬ ▬▬ ▬▬▬▬ ▬▬ ▬▬▬
মকর
▬▬ ▬▬▬ ▬▬ ▬▬▬▬ ▬▬ ▬▬▬ ▬▬ ▬▬▬▬ ▬▬ ▬▬▬
কুম্ভ
▬▬ ▬▬▬ ▬▬ ▬▬▬▬ ▬▬ ▬▬▬ ▬▬ ▬▬▬▬ ▬▬ ▬▬▬
মীন
▬▬ ▬▬▬ ▬▬ ▬▬▬▬ ▬▬ ▬▬▬ ▬▬ ▬▬▬▬ ▬▬ ▬▬▬
